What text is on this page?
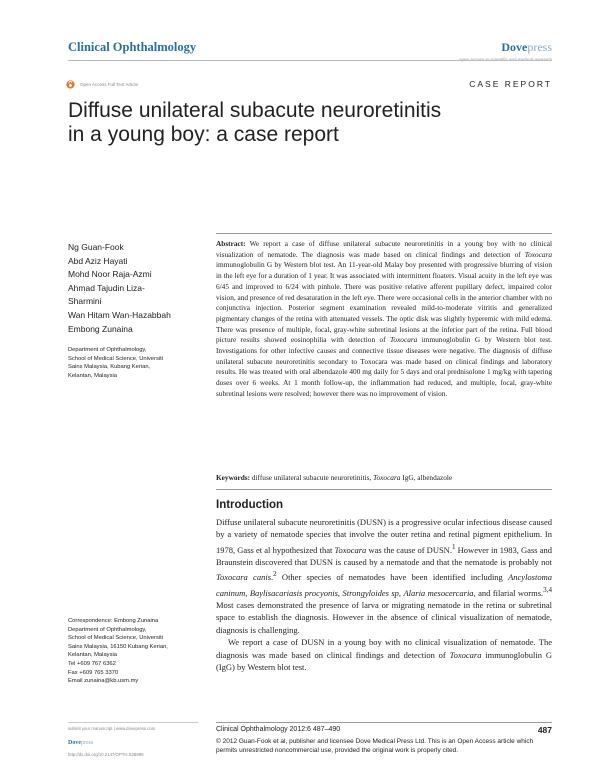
Clinical Ophthalmology	Dovepress
open access to scientific and medical research
Open Access Full Text Article	CASE REPORT
Diffuse unilateral subacute neuroretinitis
in a young boy: a case report
Ng Guan-Fook
Abd Aziz Hayati
Mohd Noor Raja-Azmi
Ahmad Tajudin Liza-
Sharmini
Wan Hitam Wan-Hazabbah
Embong Zunaina
Department of Ophthalmology,
School of Medical Science, Universiti
Sains Malaysia, Kubang Kerian,
Kelantan, Malaysia
Abstract: We report a case of diffuse unilateral subacute neuroretinitis in a young boy with no clinical visualization of nematode. The diagnosis was made based on clinical findings and detection of Toxocara immunoglobulin G by Western blot test. An 11-year-old Malay boy presented with progressive blurring of vision in the left eye for a duration of 1 year. It was associated with intermittent floaters. Visual acuity in the left eye was 6/45 and improved to 6/24 with pinhole. There was positive relative afferent pupillary defect, impaired color vision, and presence of red desaturation in the left eye. There were occasional cells in the anterior chamber with no conjunctiva injection. Posterior segment examination revealed mild-to-moderate vitritis and generalized pigmentary changes of the retina with attenuated vessels. The optic disk was slightly hyperemic with mild edema. There was presence of multiple, focal, gray-white subretinal lesions at the inferior part of the retina. Full blood picture results showed eosinophilia with detection of Toxocara immunoglobulin G by Western blot test. Investigations for other infective causes and connective tissue diseases were negative. The diagnosis of diffuse unilateral subacute neuroretinitis secondary to Toxocara was made based on clinical findings and laboratory results. He was treated with oral albendazole 400 mg daily for 5 days and oral prednisolone 1 mg/kg with tapering doses over 6 weeks. At 1 month follow-up, the inflammation had reduced, and multiple, focal, gray-white subretinal lesions were resolved; however there was no improvement of vision.
Keywords: diffuse unilateral subacute neuroretinitis, Toxocara IgG, albendazole
Introduction

Diffuse unilateral subacute neuroretinitis (DUSN) is a progressive ocular infectious disease caused by a variety of nematode species that involve the outer retina and retinal pigment epithelium. In 1978, Gass et al hypothesized that Toxocara was the cause of DUSN.$^1$ However in 1983, Gass and Braunstein discovered that DUSN is caused by a nematode and that the nematode is probably not Toxocara canis.$^2$ Other species of nematodes have been identified including Ancylostoma caninum, Baylisacariasis procyonis, Strongyloides sp, Alaria mesocercaria, and filarial worms.$^{3,4}$ Most cases demonstrated the presence of larva or migrating nematode in the retina or subretinal space to establish the diagnosis. However in the absence of clinical visualization of nematode, diagnosis is challenging.

We report a case of DUSN in a young boy with no clinical visualization of nematode. The diagnosis was made based on clinical findings and detection of Toxocara immunoglobulin G (IgG) by Western blot test.

Correspondence: Embong Zunaina
Department of Ophthalmology,
School of Medical Science, Universiti
Sains Malaysia, 16150 Kubang Kerian,
Kelantan, Malaysia
Tel +609 767 6362
Fax +609 765 3370
Email zunaina@kb.usm.my
submit your manuscript | www.dovepress.com
Dovepress
http://dx.doi.org/10.2147/OPTH.S28886
Clinical Ophthalmology 2012:6 487–490	487
© 2012 Guan-Fook et al, publisher and licensee Dove Medical Press Ltd. This is an Open Access article which permits unrestricted noncommercial use, provided the original work is properly cited.
